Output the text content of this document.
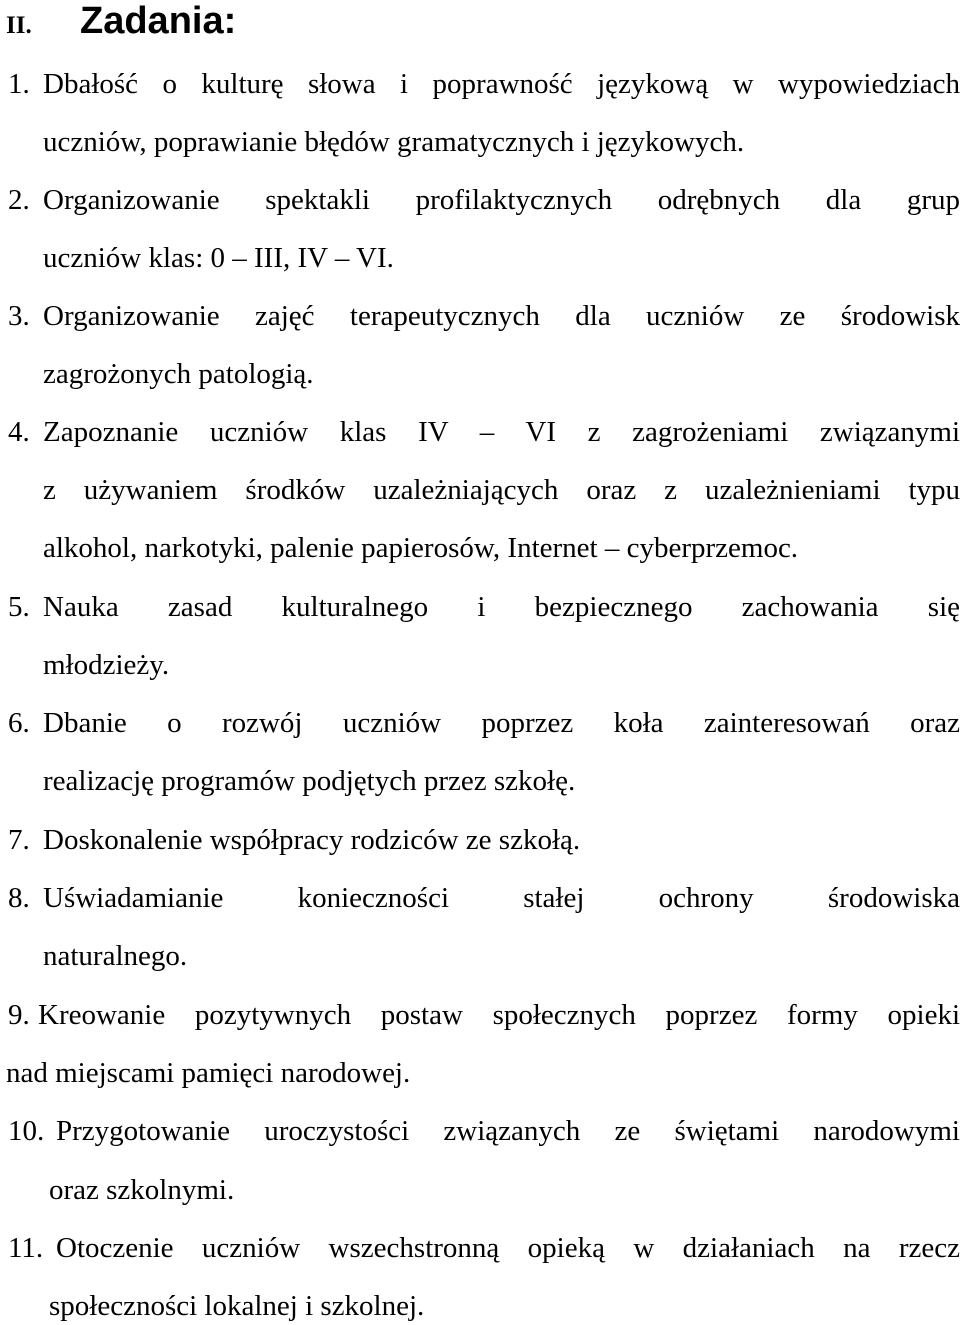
II.	Zadania:
1. Dbałość o kulturę słowa i poprawność językową w wypowiedziach
uczniów, poprawianie błędów gramatycznych i językowych.
2. Organizowanie spektakli profilaktycznych odrębnych dla grup
uczniów klas: 0 – III, IV – VI.
3. Organizowanie zajęć terapeutycznych dla uczniów ze środowisk
zagrożonych patologią.
4. Zapoznanie uczniów klas IV – VI z zagrożeniami związanymi
z używaniem środków uzależniających oraz z uzależnieniami typu
alkohol, narkotyki, palenie papierosów, Internet – cyberprzemoc.
5. Nauka zasad kulturalnego i bezpiecznego zachowania się
młodzieży.
6. Dbanie o rozwój uczniów poprzez koła zainteresowań oraz
realizację programów podjętych przez szkołę.
7. Doskonalenie współpracy rodziców ze szkołą.
8. Uświadamianie konieczności stałej ochrony środowiska
naturalnego.
9. Kreowanie pozytywnych postaw społecznych poprzez formy opieki
nad miejscami pamięci narodowej.
10. Przygotowanie uroczystości związanych ze świętami narodowymi
oraz szkolnymi.
11. Otoczenie uczniów wszechstronną opieką w działaniach na rzecz
społeczności lokalnej i szkolnej.
